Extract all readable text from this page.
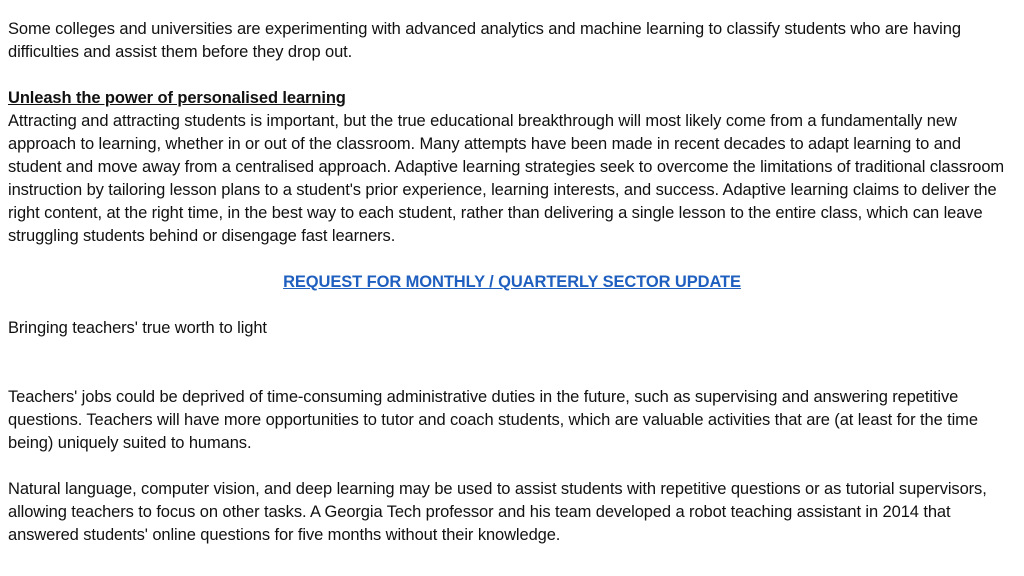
Some colleges and universities are experimenting with advanced analytics and machine learning to classify students who are having difficulties and assist them before they drop out.

Unleash the power of personalised learning

Attracting and attracting students is important, but the true educational breakthrough will most likely come from a fundamentally new approach to learning, whether in or out of the classroom. Many attempts have been made in recent decades to adapt learning to and student and move away from a centralised approach. Adaptive learning strategies seek to overcome the limitations of traditional classroom instruction by tailoring lesson plans to a student's prior experience, learning interests, and success. Adaptive learning claims to deliver the right content, at the right time, in the best way to each student, rather than delivering a single lesson to the entire class, which can leave struggling students behind or disengage fast learners.

REQUEST FOR MONTHLY / QUARTERLY SECTOR UPDATE

Bringing teachers' true worth to light

Teachers' jobs could be deprived of time-consuming administrative duties in the future, such as supervising and answering repetitive questions. Teachers will have more opportunities to tutor and coach students, which are valuable activities that are (at least for the time being) uniquely suited to humans.

Natural language, computer vision, and deep learning may be used to assist students with repetitive questions or as tutorial supervisors, allowing teachers to focus on other tasks. A Georgia Tech professor and his team developed a robot teaching assistant in 2014 that answered students' online questions for five months without their knowledge.
